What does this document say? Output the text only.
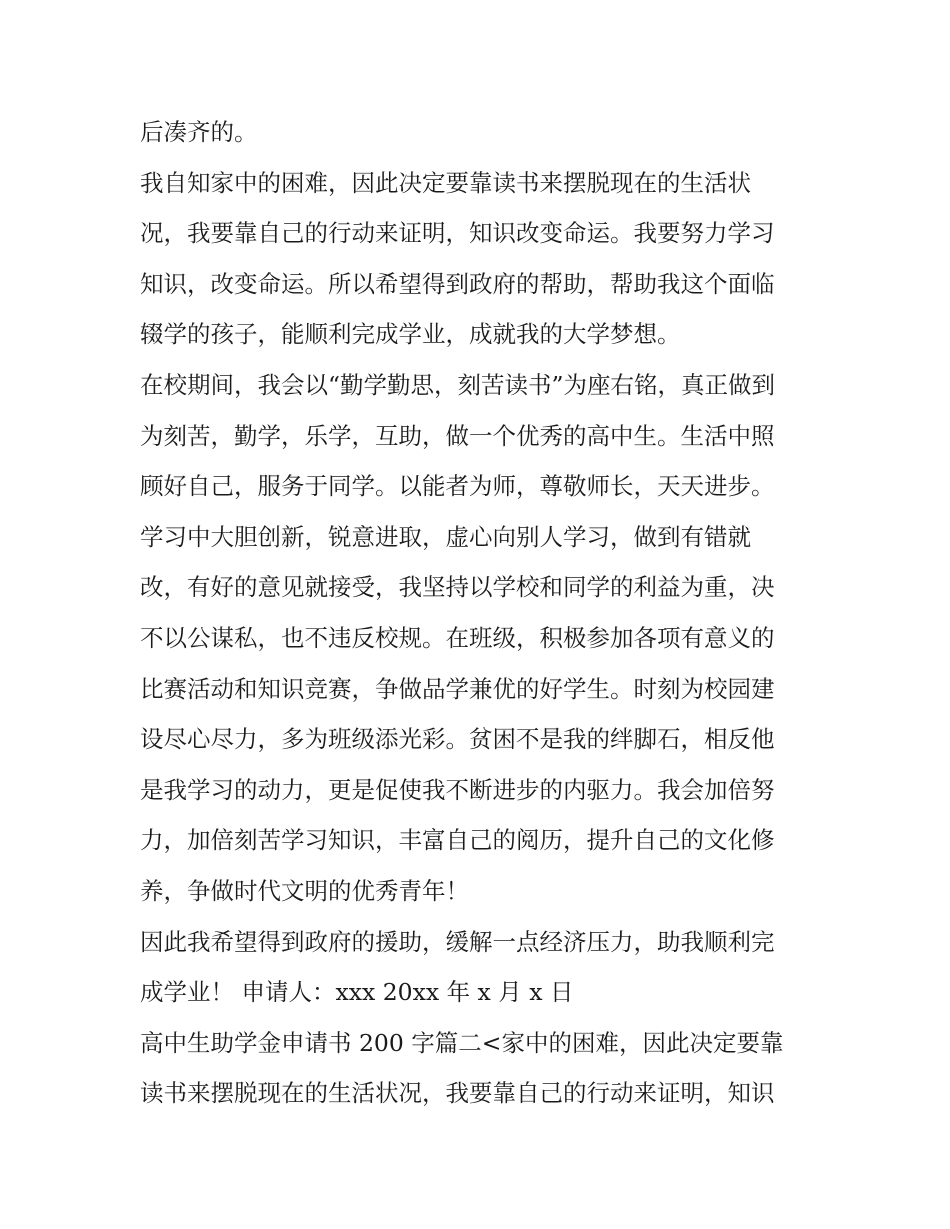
后凑齐的。
我自知家中的困难，因此决定要靠读书来摆脱现在的生活状
况，我要靠自己的行动来证明，知识改变命运。我要努力学习
知识，改变命运。所以希望得到政府的帮助，帮助我这个面临
辍学的孩子，能顺利完成学业，成就我的大学梦想。
在校期间，我会以“勤学勤思，刻苦读书”为座右铭，真正做到
为刻苦，勤学，乐学，互助，做一个优秀的高中生。生活中照
顾好自己，服务于同学。以能者为师，尊敬师长，天天进步。
学习中大胆创新，锐意进取，虚心向别人学习，做到有错就
改，有好的意见就接受，我坚持以学校和同学的利益为重，决
不以公谋私，也不违反校规。在班级，积极参加各项有意义的
比赛活动和知识竞赛，争做品学兼优的好学生。时刻为校园建
设尽心尽力，多为班级添光彩。贫困不是我的绊脚石，相反他
是我学习的动力，更是促使我不断进步的内驱力。我会加倍努
力，加倍刻苦学习知识，丰富自己的阅历，提升自己的文化修
养，争做时代文明的优秀青年！
因此我希望得到政府的援助，缓解一点经济压力，助我顺利完
成学业！ 申请人：xxx 20xx 年 x 月 x 日
高中生助学金申请书 200 字篇二<家中的困难，因此决定要靠
读书来摆脱现在的生活状况，我要靠自己的行动来证明，知识
